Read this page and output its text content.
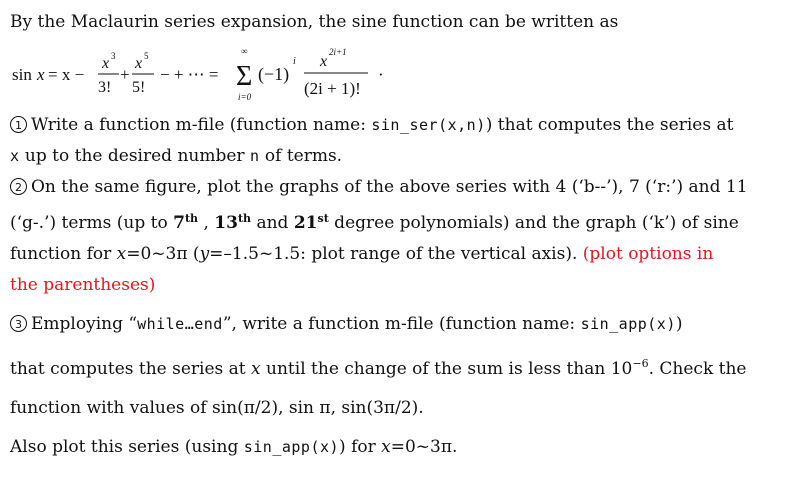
By the Maclaurin series expansion, the sine function can be written as
sin x = x −
x 3
3!
+
x 5
5!
− + ⋯ =
∞
Σ
i=0
(−1)
i x
2i+1
(2i + 1)!
·
1 Write a function m-file (function name: sin_ser(x,n)) that computes the series at
x up to the desired number n of terms.
2 On the same figure, plot the graphs of the above series with 4 (‘b--’), 7 (‘r:’) and 11
(‘g-.’) terms (up to 7th , 13th and 21st degree polynomials) and the graph (‘k’) of sine
function for x=0~3π (y=–1.5~1.5: plot range of the vertical axis). (plot options in
the parentheses)
3 Employing “while…end”, write a function m-file (function name: sin_app(x))
that computes the series at x until the change of the sum is less than $10^{-6}$. Check the
function with values of sin(π/2), sin π, sin(3π/2).
Also plot this series (using sin_app(x)) for x=0~3π.
